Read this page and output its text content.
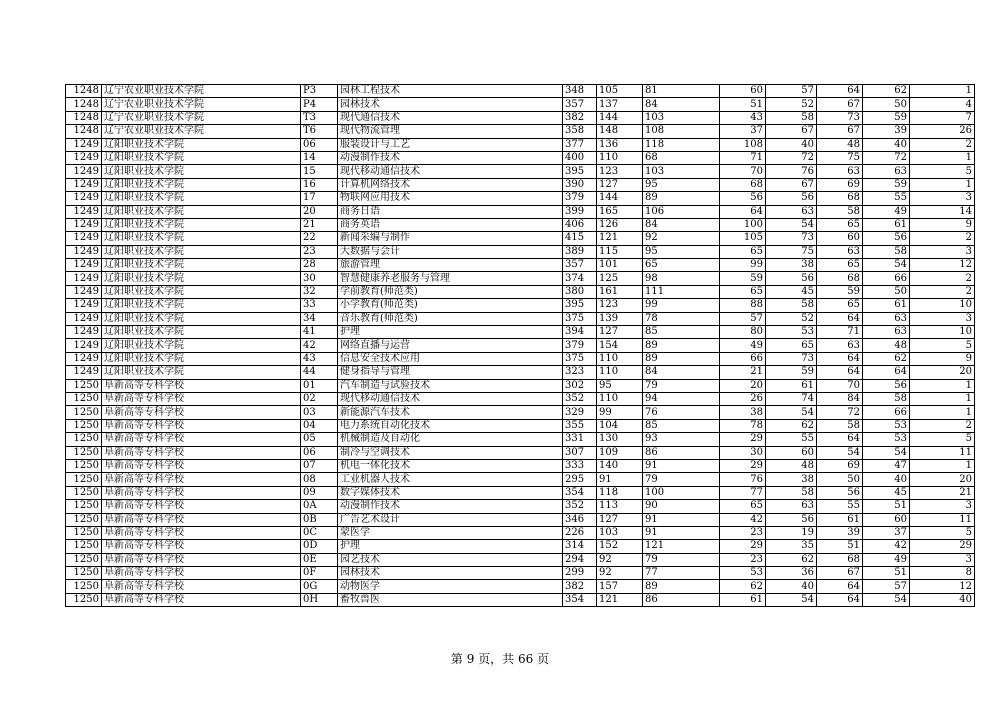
1248	辽宁农业职业技术学院	P3	园林工程技术	348	105	81	60	57	64	62	1
1248	辽宁农业职业技术学院	P4	园林技术	357	137	84	51	52	67	50	4
1248	辽宁农业职业技术学院	T3	现代通信技术	382	144	103	43	58	73	59	7
1248	辽宁农业职业技术学院	T6	现代物流管理	358	148	108	37	67	67	39	26
1249	辽阳职业技术学院	06	服装设计与工艺	377	136	118	108	40	48	40	2
1249	辽阳职业技术学院	14	动漫制作技术	400	110	68	71	72	75	72	1
1249	辽阳职业技术学院	15	现代移动通信技术	395	123	103	70	76	63	63	5
1249	辽阳职业技术学院	16	计算机网络技术	390	127	95	68	67	69	59	1
1249	辽阳职业技术学院	17	物联网应用技术	379	144	89	56	56	68	55	3
1249	辽阳职业技术学院	20	商务日语	399	165	106	64	63	58	49	14
1249	辽阳职业技术学院	21	商务英语	406	126	84	100	54	65	61	9
1249	辽阳职业技术学院	22	新闻采编与制作	415	121	92	105	73	60	56	2
1249	辽阳职业技术学院	23	大数据与会计	389	115	95	65	75	63	58	3
1249	辽阳职业技术学院	28	旅游管理	357	101	65	99	38	65	54	12
1249	辽阳职业技术学院	30	智慧健康养老服务与管理	374	125	98	59	56	68	66	2
1249	辽阳职业技术学院	32	学前教育(师范类)	380	161	111	65	45	59	50	2
1249	辽阳职业技术学院	33	小学教育(师范类)	395	123	99	88	58	65	61	10
1249	辽阳职业技术学院	34	音乐教育(师范类)	375	139	78	57	52	64	63	3
1249	辽阳职业技术学院	41	护理	394	127	85	80	53	71	63	10
1249	辽阳职业技术学院	42	网络直播与运营	379	154	89	49	65	63	48	5
1249	辽阳职业技术学院	43	信息安全技术应用	375	110	89	66	73	64	62	9
1249	辽阳职业技术学院	44	健身指导与管理	323	110	84	21	59	64	64	20
1250	阜新高等专科学校	01	汽车制造与试验技术	302	95	79	20	61	70	56	1
1250	阜新高等专科学校	02	现代移动通信技术	352	110	94	26	74	84	58	1
1250	阜新高等专科学校	03	新能源汽车技术	329	99	76	38	54	72	66	1
1250	阜新高等专科学校	04	电力系统自动化技术	355	104	85	78	62	58	53	2
1250	阜新高等专科学校	05	机械制造及自动化	331	130	93	29	55	64	53	5
1250	阜新高等专科学校	06	制冷与空调技术	307	109	86	30	60	54	54	11
1250	阜新高等专科学校	07	机电一体化技术	333	140	91	29	48	69	47	1
1250	阜新高等专科学校	08	工业机器人技术	295	91	79	76	38	50	40	20
1250	阜新高等专科学校	09	数字媒体技术	354	118	100	77	58	56	45	21
1250	阜新高等专科学校	0A	动漫制作技术	352	113	90	65	63	55	51	3
1250	阜新高等专科学校	0B	广告艺术设计	346	127	91	42	56	61	60	11
1250	阜新高等专科学校	0C	蒙医学	226	103	91	23	19	39	37	5
1250	阜新高等专科学校	0D	护理	314	152	121	29	35	51	42	29
1250	阜新高等专科学校	0E	园艺技术	294	92	79	23	62	68	49	3
1250	阜新高等专科学校	0F	园林技术	299	92	77	53	36	67	51	8
1250	阜新高等专科学校	0G	动物医学	382	157	89	62	40	64	57	12
1250	阜新高等专科学校	0H	畜牧兽医	354	121	86	61	54	64	54	40
第 9 页，共 66 页
